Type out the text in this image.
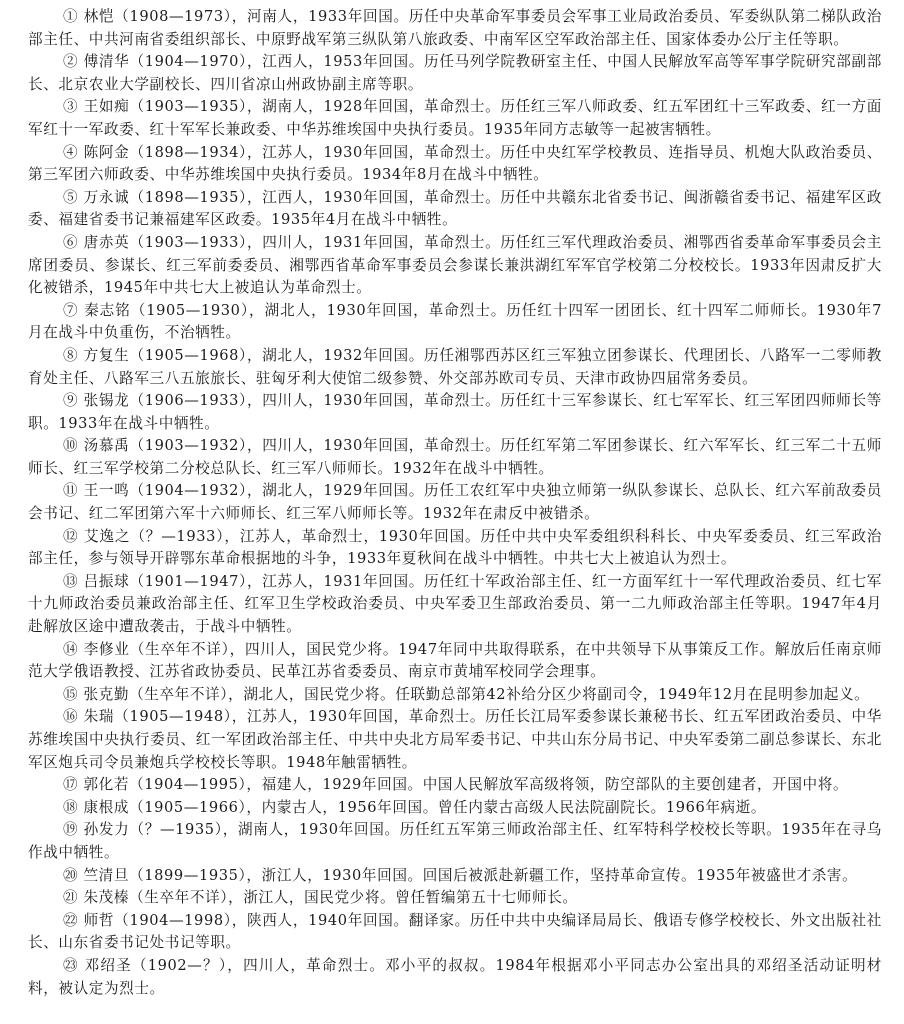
① 林恺（1908—1973），河南人，1933年回国。历任中央革命军事委员会军事工业局政治委员、军委纵队第二梯队政治部主任、中共河南省委组织部长、中原野战军第三纵队第八旅政委、中南军区空军政治部主任、国家体委办公厅主任等职。

② 傅清华（1904—1970），江西人，1953年回国。历任马列学院教研室主任、中国人民解放军高等军事学院研究部副部长、北京农业大学副校长、四川省凉山州政协副主席等职。

③ 王如痴（1903—1935），湖南人，1928年回国，革命烈士。历任红三军八师政委、红五军团红十三军政委、红一方面军红十一军政委、红十军军长兼政委、中华苏维埃国中央执行委员。1935年同方志敏等一起被害牺牲。

④ 陈阿金（1898—1934），江苏人，1930年回国，革命烈士。历任中央红军学校教员、连指导员、机炮大队政治委员、第三军团六师政委、中华苏维埃国中央执行委员。1934年8月在战斗中牺牲。

⑤ 万永诚（1898—1935），江西人，1930年回国，革命烈士。历任中共赣东北省委书记、闽浙赣省委书记、福建军区政委、福建省委书记兼福建军区政委。1935年4月在战斗中牺牲。

⑥ 唐赤英（1903—1933），四川人，1931年回国，革命烈士。历任红三军代理政治委员、湘鄂西省委革命军事委员会主席团委员、参谋长、红三军前委委员、湘鄂西省革命军事委员会参谋长兼洪湖红军军官学校第二分校校长。1933年因肃反扩大化被错杀，1945年中共七大上被追认为革命烈士。

⑦ 秦志铭（1905—1930），湖北人，1930年回国，革命烈士。历任红十四军一团团长、红十四军二师师长。1930年7月在战斗中负重伤，不治牺牲。

⑧ 方复生（1905—1968），湖北人，1932年回国。历任湘鄂西苏区红三军独立团参谋长、代理团长、八路军一二零师教育处主任、八路军三八五旅旅长、驻匈牙利大使馆二级参赞、外交部苏欧司专员、天津市政协四届常务委员。

⑨ 张锡龙（1906—1933），四川人，1930年回国，革命烈士。历任红十三军参谋长、红七军军长、红三军团四师师长等职。1933年在战斗中牺牲。

⑩ 汤慕禹（1903—1932），四川人，1930年回国，革命烈士。历任红军第二军团参谋长、红六军军长、红三军二十五师师长、红三军学校第二分校总队长、红三军八师师长。1932年在战斗中牺牲。

⑪ 王一鸣（1904—1932），湖北人，1929年回国。历任工农红军中央独立师第一纵队参谋长、总队长、红六军前敌委员会书记、红二军团第六军十六师师长、红三军八师师长等。1932年在肃反中被错杀。

⑫ 艾逸之（？—1933），江苏人，革命烈士，1930年回国。历任中共中央军委组织科科长、中央军委委员、红三军政治部主任，参与领导开辟鄂东革命根据地的斗争，1933年夏秋间在战斗中牺牲。中共七大上被追认为烈士。

⑬ 吕振球（1901—1947），江苏人，1931年回国。历任红十军政治部主任、红一方面军红十一军代理政治委员、红七军十九师政治委员兼政治部主任、红军卫生学校政治委员、中央军委卫生部政治委员、第一二九师政治部主任等职。1947年4月赴解放区途中遭敌袭击，于战斗中牺牲。

⑭ 李修业（生卒年不详），四川人，国民党少将。1947年同中共取得联系，在中共领导下从事策反工作。解放后任南京师范大学俄语教授、江苏省政协委员、民革江苏省委委员、南京市黄埔军校同学会理事。

⑮ 张克勤（生卒年不详），湖北人，国民党少将。任联勤总部第42补给分区少将副司令，1949年12月在昆明参加起义。

⑯ 朱瑞（1905—1948），江苏人，1930年回国，革命烈士。历任长江局军委参谋长兼秘书长、红五军团政治委员、中华苏维埃国中央执行委员、红一军团政治部主任、中共中央北方局军委书记、中共山东分局书记、中央军委第二副总参谋长、东北军区炮兵司令员兼炮兵学校校长等职。1948年触雷牺牲。

⑰ 郭化若（1904—1995），福建人，1929年回国。中国人民解放军高级将领，防空部队的主要创建者，开国中将。

⑱ 康根成（1905—1966），内蒙古人，1956年回国。曾任内蒙古高级人民法院副院长。1966年病逝。

⑲ 孙发力（？—1935），湖南人，1930年回国。历任红五军第三师政治部主任、红军特科学校校长等职。1935年在寻乌作战中牺牲。

⑳ 竺清旦（1899—1935），浙江人，1930年回国。回国后被派赴新疆工作，坚持革命宣传。1935年被盛世才杀害。

㉑ 朱茂榛（生卒年不详），浙江人，国民党少将。曾任暂编第五十七师师长。

㉒ 师哲（1904—1998），陕西人，1940年回国。翻译家。历任中共中央编译局局长、俄语专修学校校长、外文出版社社长、山东省委书记处书记等职。

㉓ 邓绍圣（1902—？），四川人，革命烈士。邓小平的叔叔。1984年根据邓小平同志办公室出具的邓绍圣活动证明材料，被认定为烈士。
